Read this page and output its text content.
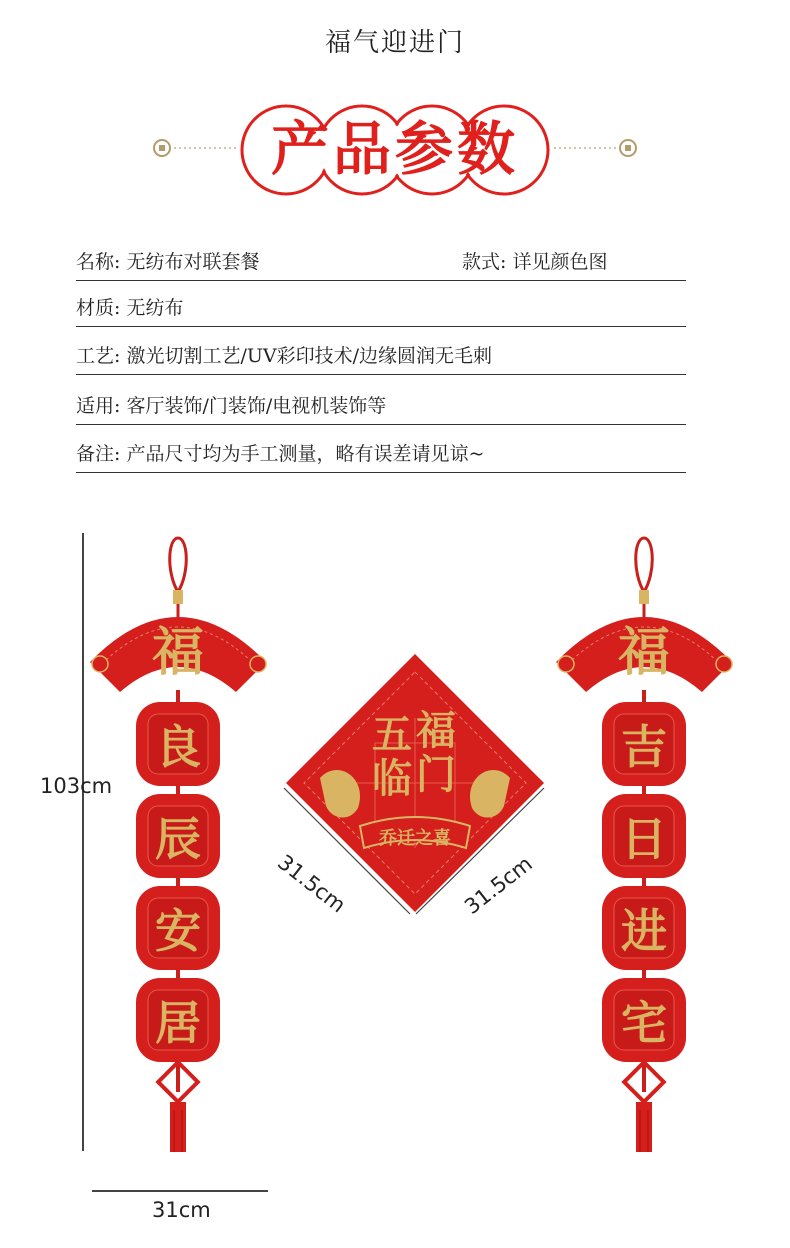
福气迎进门
产品参数
名称: 无纺布对联套餐	款式: 详见颜色图
材质: 无纺布
工艺: 激光切割工艺/UV彩印技术/边缘圆润无毛刺
适用: 客厅装饰/门装饰/电视机装饰等
备注: 产品尺寸均为手工测量，略有误差请见谅~
103cm
31cm
福
良
辰
安
居
福
吉
日
进
宅
五 福
临 门
乔迁之喜
31.5cm	31.5cm
